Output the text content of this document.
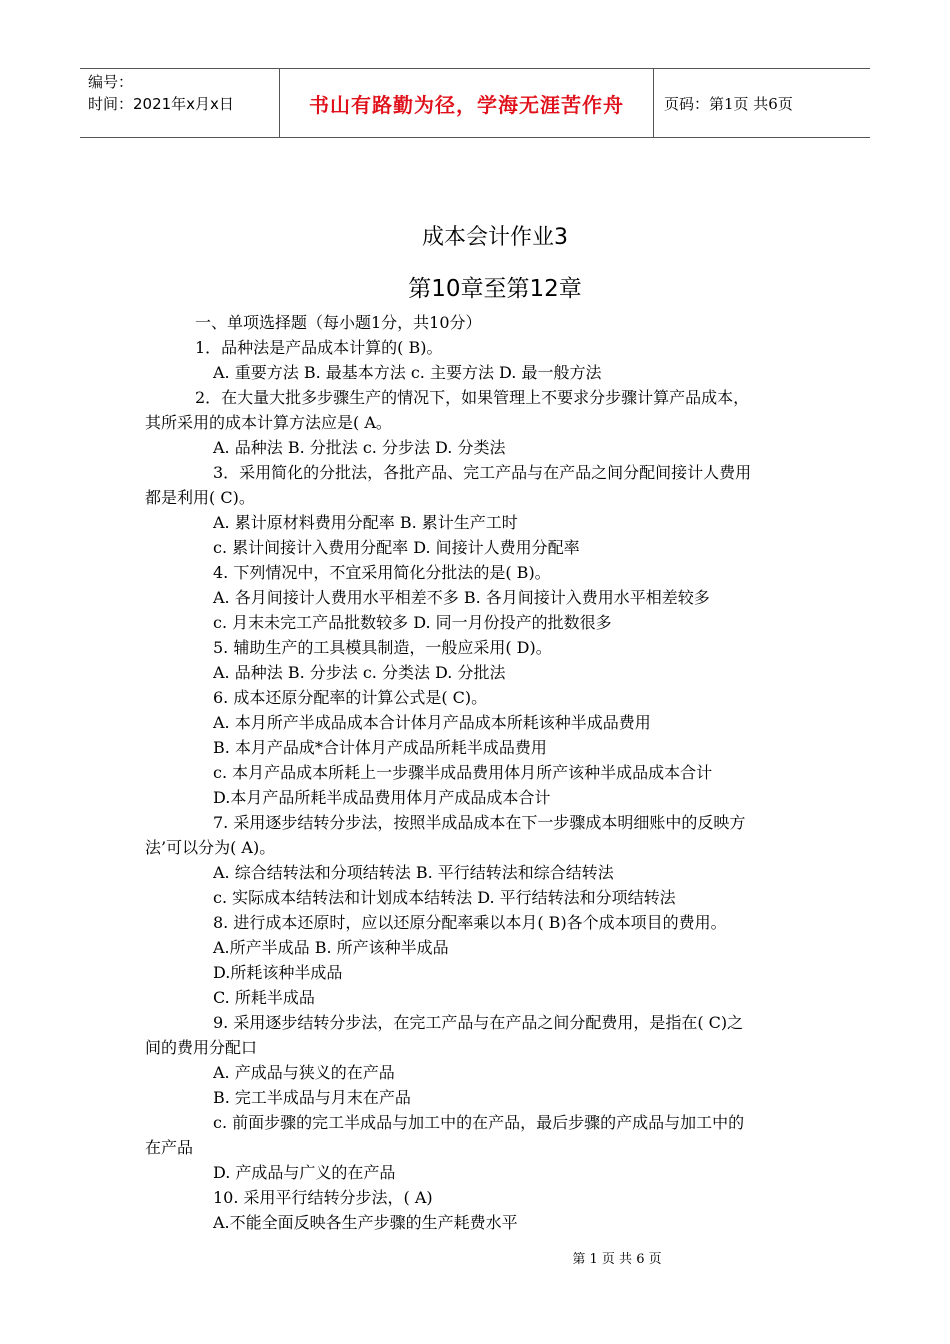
编号：
时间：2021年x月x日	书山有路勤为径，学海无涯苦作舟	页码：第1页 共6页
成本会计作业3
第10章至第12章
一、单项选择题（每小题1分，共10分）
1．品种法是产品成本计算的( B)。
A. 重要方法 B. 最基本方法 c. 主要方法 D. 最一般方法
2．在大量大批多步骤生产的情况下，如果管理上不要求分步骤计算产品成本，
其所采用的成本计算方法应是( A。
A. 品种法 B. 分批法 c. 分步法 D. 分类法
3．采用简化的分批法，各批产品、完工产品与在产品之间分配间接计人费用
都是利用( C)。
A. 累计原材料费用分配率 B. 累计生产工时
c. 累计间接计入费用分配率 D. 间接计人费用分配率
4. 下列情况中，不宜采用简化分批法的是( B)。
A. 各月间接计人费用水平相差不多 B. 各月间接计入费用水平相差较多
c. 月末未完工产品批数较多 D. 同一月份投产的批数很多
5. 辅助生产的工具模具制造，一般应采用( D)。
A. 品种法 B. 分步法 c. 分类法 D. 分批法
6. 成本还原分配率的计算公式是( C)。
A. 本月所产半成品成本合计体月产品成本所耗该种半成品费用
B. 本月产品成*合计体月产成品所耗半成品费用
c. 本月产品成本所耗上一步骤半成品费用体月所产该种半成品成本合计
D.本月产品所耗半成品费用体月产成品成本合计
7. 采用逐步结转分步法，按照半成品成本在下一步骤成本明细账中的反映方
法’可以分为( A)。
A. 综合结转法和分项结转法 B. 平行结转法和综合结转法
c. 实际成本结转法和计划成本结转法 D. 平行结转法和分项结转法
8. 进行成本还原时，应以还原分配率乘以本月( B)各个成本项目的费用。
A.所产半成品 B. 所产该种半成品
D.所耗该种半成品
C. 所耗半成品
9. 采用逐步结转分步法，在完工产品与在产品之间分配费用，是指在( C)之
间的费用分配口
A. 产成品与狭义的在产品
B. 完工半成品与月末在产品
c. 前面步骤的完工半成品与加工中的在产品，最后步骤的产成品与加工中的
在产品
D. 产成品与广义的在产品
10. 采用平行结转分步法，( A)
A.不能全面反映各生产步骤的生产耗费水平
第 1 页 共 6 页
